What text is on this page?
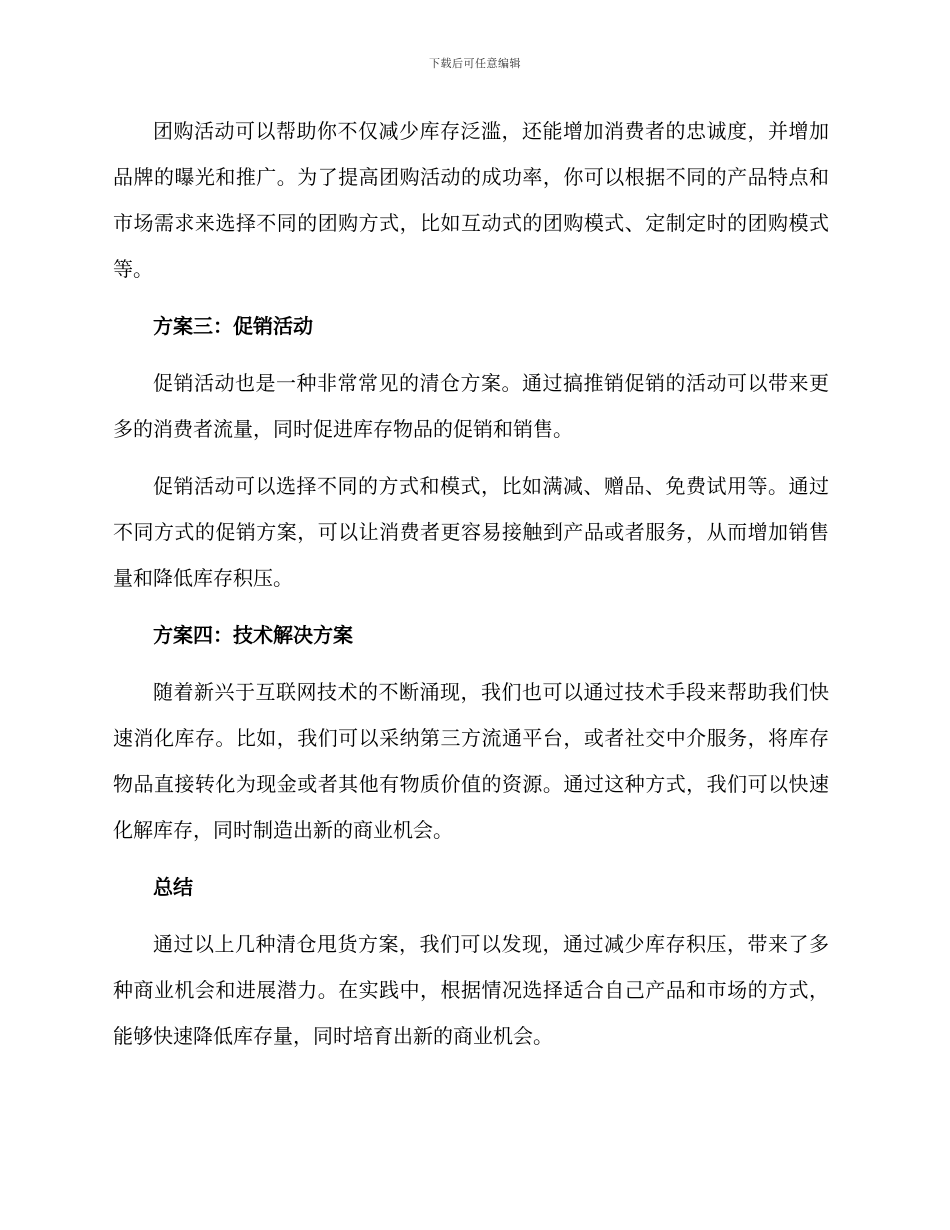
下载后可任意编辑

团购活动可以帮助你不仅减少库存泛滥，还能增加消费者的忠诚度，并增加品牌的曝光和推广。为了提高团购活动的成功率，你可以根据不同的产品特点和市场需求来选择不同的团购方式，比如互动式的团购模式、定制定时的团购模式等。

方案三：促销活动

促销活动也是一种非常常见的清仓方案。通过搞推销促销的活动可以带来更多的消费者流量，同时促进库存物品的促销和销售。

促销活动可以选择不同的方式和模式，比如满减、赠品、免费试用等。通过不同方式的促销方案，可以让消费者更容易接触到产品或者服务，从而增加销售量和降低库存积压。

方案四：技术解决方案

随着新兴于互联网技术的不断涌现，我们也可以通过技术手段来帮助我们快速消化库存。比如，我们可以采纳第三方流通平台，或者社交中介服务，将库存物品直接转化为现金或者其他有物质价值的资源。通过这种方式，我们可以快速化解库存，同时制造出新的商业机会。

总结

通过以上几种清仓甩货方案，我们可以发现，通过减少库存积压，带来了多种商业机会和进展潜力。在实践中，根据情况选择适合自己产品和市场的方式，能够快速降低库存量，同时培育出新的商业机会。
